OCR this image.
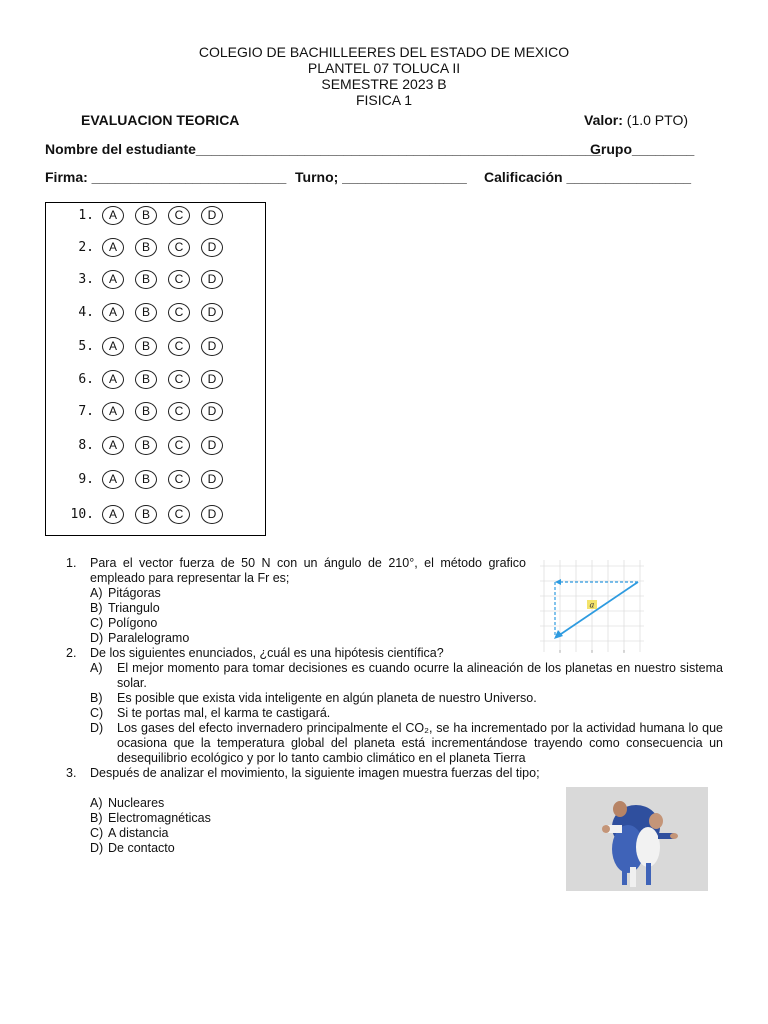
COLEGIO DE BACHILLEERES DEL ESTADO DE MEXICO
PLANTEL 07 TOLUCA II
SEMESTRE 2023 B
FISICA 1
EVALUACION TEORICA	Valor: (1.0 PTO)
Nombre del estudiante____________________________________________________
Grupo________
Firma: _________________________ Turno; ________________ Calificación ________________
1.	A	B	C	D
2.	A	B	C	D
3.	A	B	C	D
4.	A	B	C	D
5.	A	B	C	D
6.	A	B	C	D
7.	A	B	C	D
8.	A	B	C	D
9.	A	B	C	D
10.	A	B	C	D
1.	Para el vector fuerza de 50 N con un ángulo de 210°, el método grafico empleado para representar la Fr es;
A) Pitágoras
B) Triangulo
C) Polígono
D) Paralelogramo
2.	De los siguientes enunciados, ¿cuál es una hipótesis científica?
A)	El mejor momento para tomar decisiones es cuando ocurre la alineación de los planetas en nuestro sistema solar.
B)	Es posible que exista vida inteligente en algún planeta de nuestro Universo.
C)	Si te portas mal, el karma te castigará.
D)	Los gases del efecto invernadero principalmente el CO₂, se ha incrementado por la actividad humana lo que ocasiona que la temperatura global del planeta está incrementándose trayendo como consecuencia un desequilibrio ecológico y por lo tanto cambio climático en el planeta Tierra
3.	Después de analizar el movimiento, la siguiente imagen muestra fuerzas del tipo;
A) Nucleares
B) Electromagnéticas
C) A distancia
D) De contacto
a
